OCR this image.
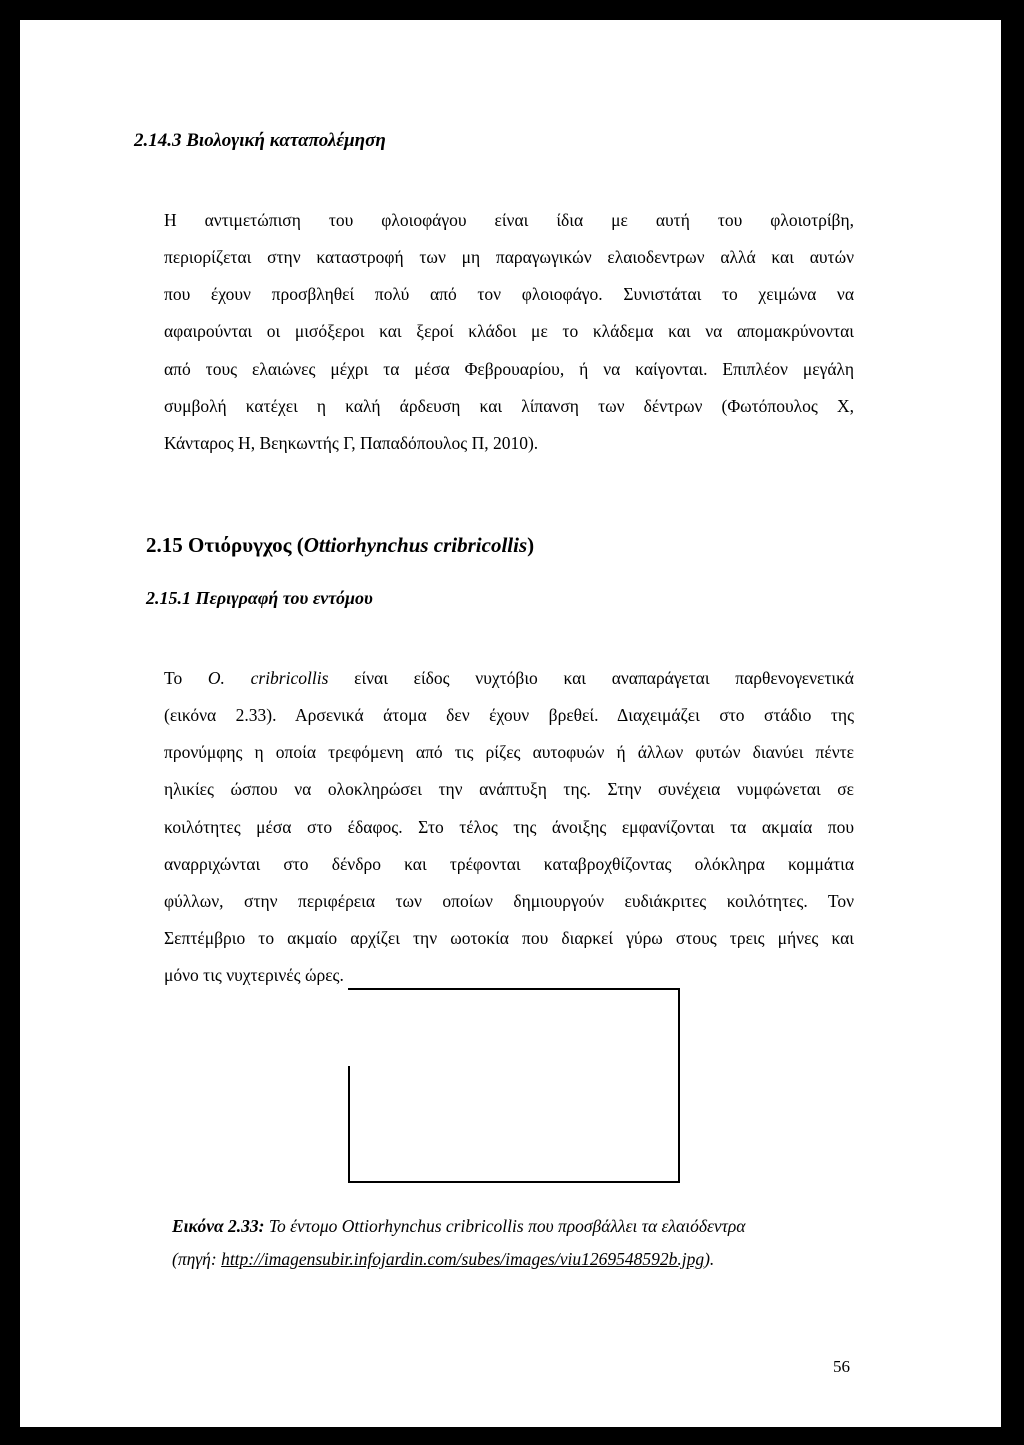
2.14.3 Βιολογική καταπολέμηση
Η αντιμετώπιση του φλοιοφάγου είναι ίδια με αυτή του φλοιοτρίβη,
περιορίζεται στην καταστροφή των μη παραγωγικών ελαιοδεντρων αλλά και αυτών
που έχουν προσβληθεί πολύ από τον φλοιοφάγο. Συνιστάται το χειμώνα να
αφαιρούνται οι μισόξεροι και ξεροί κλάδοι με το κλάδεμα και να απομακρύνονται
από τους ελαιώνες μέχρι τα μέσα Φεβρουαρίου, ή να καίγονται. Επιπλέον μεγάλη
συμβολή κατέχει η καλή άρδευση και λίπανση των δέντρων (Φωτόπουλος Χ,
Κάνταρος Η, Βεηκωντής Γ, Παπαδόπουλος Π, 2010).
2.15 Οτιόρυγχος (Ottiorhynchus cribricollis)
2.15.1 Περιγραφή του εντόμου
Το O. cribricollis είναι είδος νυχτόβιο και αναπαράγεται παρθενογενετικά
(εικόνα 2.33). Αρσενικά άτομα δεν έχουν βρεθεί. Διαχειμάζει στο στάδιο της
προνύμφης η οποία τρεφόμενη από τις ρίζες αυτοφυών ή άλλων φυτών διανύει πέντε
ηλικίες ώσπου να ολοκληρώσει την ανάπτυξη της. Στην συνέχεια νυμφώνεται σε
κοιλότητες μέσα στο έδαφος. Στο τέλος της άνοιξης εμφανίζονται τα ακμαία που
αναρριχώνται στο δένδρο και τρέφονται καταβροχθίζοντας ολόκληρα κομμάτια
φύλλων, στην περιφέρεια των οποίων δημιουργούν ευδιάκριτες κοιλότητες. Τον
Σεπτέμβριο το ακμαίο αρχίζει την ωοτοκία που διαρκεί γύρω στους τρεις μήνες και
μόνο τις νυχτερινές ώρες.
Εικόνα 2.33: Το έντομο Ottiorhynchus cribricollis που προσβάλλει τα ελαιόδεντρα
(πηγή: http://imagensubir.infojardin.com/subes/images/viu1269548592b.jpg).
56
